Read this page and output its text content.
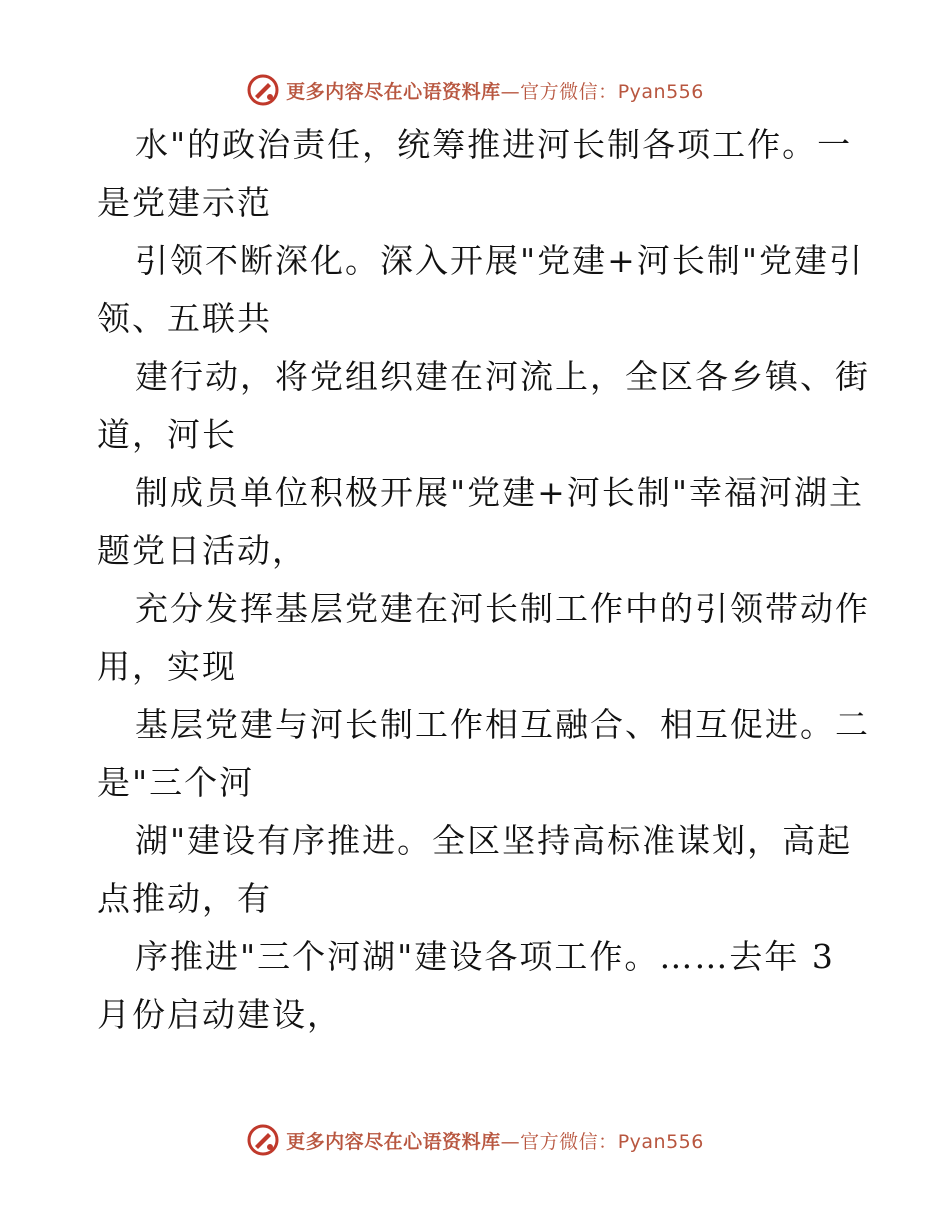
更多内容尽在心语资料库—官方微信：Pyan556
水"的政治责任，统筹推进河长制各项工作。一
是党建示范
引领不断深化。深入开展"党建+河长制"党建引
领、五联共
建行动，将党组织建在河流上，全区各乡镇、街
道，河长
制成员单位积极开展"党建+河长制"幸福河湖主
题党日活动，
充分发挥基层党建在河长制工作中的引领带动作
用，实现
基层党建与河长制工作相互融合、相互促进。二
是"三个河
湖"建设有序推进。全区坚持高标准谋划，高起
点推动，有
序推进"三个河湖"建设各项工作。……去年 3
月份启动建设，
更多内容尽在心语资料库—官方微信：Pyan556
